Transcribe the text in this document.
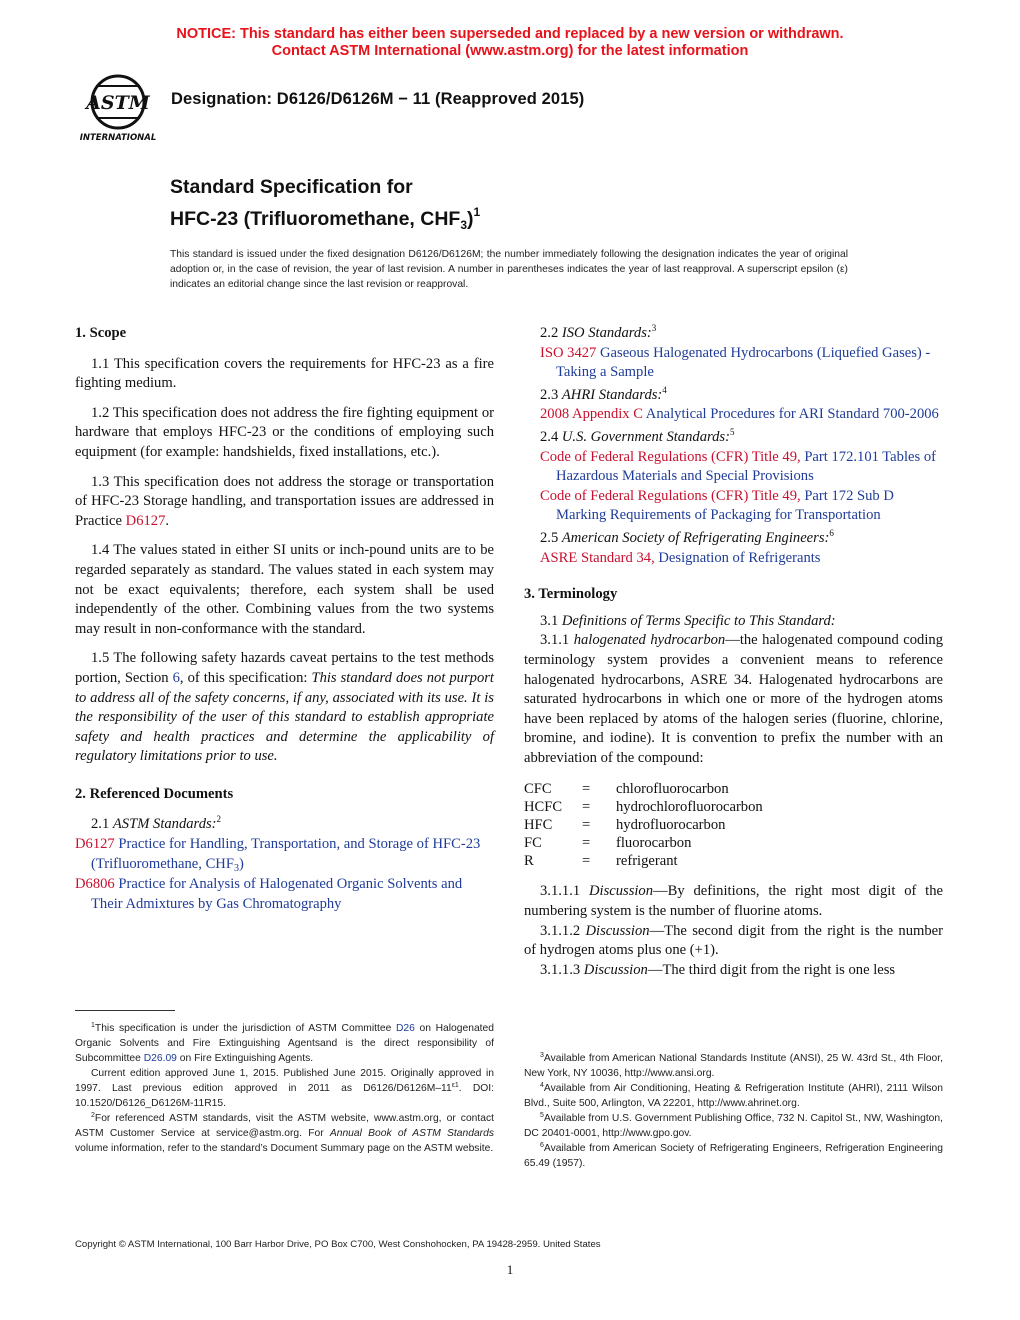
NOTICE: This standard has either been superseded and replaced by a new version or withdrawn.
Contact ASTM International (www.astm.org) for the latest information
ASTM
INTERNATIONAL
Designation: D6126/D6126M − 11 (Reapproved 2015)
Standard Specification for
HFC-23 (Trifluoromethane, $CHF_3)^1$
This standard is issued under the fixed designation D6126/D6126M; the number immediately following the designation indicates the year of original adoption or, in the case of revision, the year of last revision. A number in parentheses indicates the year of last reapproval. A superscript epsilon (ε) indicates an editorial change since the last revision or reapproval.

1. Scope

1.1 This specification covers the requirements for HFC-23 as a fire fighting medium.

1.2 This specification does not address the fire fighting equipment or hardware that employs HFC-23 or the conditions of employing such equipment (for example: handshields, fixed installations, etc.).

1.3 This specification does not address the storage or transportation of HFC-23 Storage handling, and transportation issues are addressed in Practice D6127.

1.4 The values stated in either SI units or inch-pound units are to be regarded separately as standard. The values stated in each system may not be exact equivalents; therefore, each system shall be used independently of the other. Combining values from the two systems may result in non-conformance with the standard.

1.5 The following safety hazards caveat pertains to the test methods portion, Section 6, of this specification: This standard does not purport to address all of the safety concerns, if any, associated with its use. It is the responsibility of the user of this standard to establish appropriate safety and health practices and determine the applicability of regulatory limitations prior to use.

2. Referenced Documents

2.1 ASTM Standards:$^2$

D6127 Practice for Handling, Transportation, and Storage of HFC-23 (Trifluoromethane, $CHF_3$)

D6806 Practice for Analysis of Halogenated Organic Solvents and Their Admixtures by Gas Chromatography

2.2 ISO Standards:$^3$

ISO 3427 Gaseous Halogenated Hydrocarbons (Liquefied Gases) - Taking a Sample

2.3 AHRI Standards:$^4$

2008 Appendix C Analytical Procedures for ARI Standard 700-2006

2.4 U.S. Government Standards:$^5$

Code of Federal Regulations (CFR) Title 49, Part 172.101 Tables of Hazardous Materials and Special Provisions

Code of Federal Regulations (CFR) Title 49, Part 172 Sub D Marking Requirements of Packaging for Transportation

2.5 American Society of Refrigerating Engineers:$^6$

ASRE Standard 34, Designation of Refrigerants

3. Terminology

3.1 Definitions of Terms Specific to This Standard:

3.1.1 halogenated hydrocarbon—the halogenated compound coding terminology system provides a convenient means to reference halogenated hydrocarbons, ASRE 34. Halogenated hydrocarbons are saturated hydrocarbons in which one or more of the hydrogen atoms have been replaced by atoms of the halogen series (fluorine, chlorine, bromine, and iodine). It is convention to prefix the number with an abbreviation of the compound:

CFC	=	chlorofluorocarbon
HCFC	=	hydrochlorofluorocarbon
HFC	=	hydrofluorocarbon
FC	=	fluorocarbon
R	=	refrigerant

3.1.1.1 Discussion—By definitions, the right most digit of the numbering system is the number of fluorine atoms.

3.1.1.2 Discussion—The second digit from the right is the number of hydrogen atoms plus one (+1).

3.1.1.3 Discussion—The third digit from the right is one less

$^1$This specification is under the jurisdiction of ASTM Committee D26 on Halogenated Organic Solvents and Fire Extinguishing Agentsand is the direct responsibility of Subcommittee D26.09 on Fire Extinguishing Agents.

Current edition approved June 1, 2015. Published June 2015. Originally approved in 1997. Last previous edition approved in 2011 as D6126/D6126M–11$^{\varepsilon 1}$. DOI: 10.1520/D6126_D6126M-11R15.

$^2$For referenced ASTM standards, visit the ASTM website, www.astm.org, or contact ASTM Customer Service at service@astm.org. For Annual Book of ASTM Standards volume information, refer to the standard’s Document Summary page on the ASTM website.

$^3$Available from American National Standards Institute (ANSI), 25 W. 43rd St., 4th Floor, New York, NY 10036, http://www.ansi.org.

$^4$Available from Air Conditioning, Heating & Refrigeration Institute (AHRI), 2111 Wilson Blvd., Suite 500, Arlington, VA 22201, http://www.ahrinet.org.

$^5$Available from U.S. Government Publishing Office, 732 N. Capitol St., NW, Washington, DC 20401-0001, http://www.gpo.gov.

$^6$Available from American Society of Refrigerating Engineers, Refrigeration Engineering 65.49 (1957).

Copyright © ASTM International, 100 Barr Harbor Drive, PO Box C700, West Conshohocken, PA 19428-2959. United States
1
